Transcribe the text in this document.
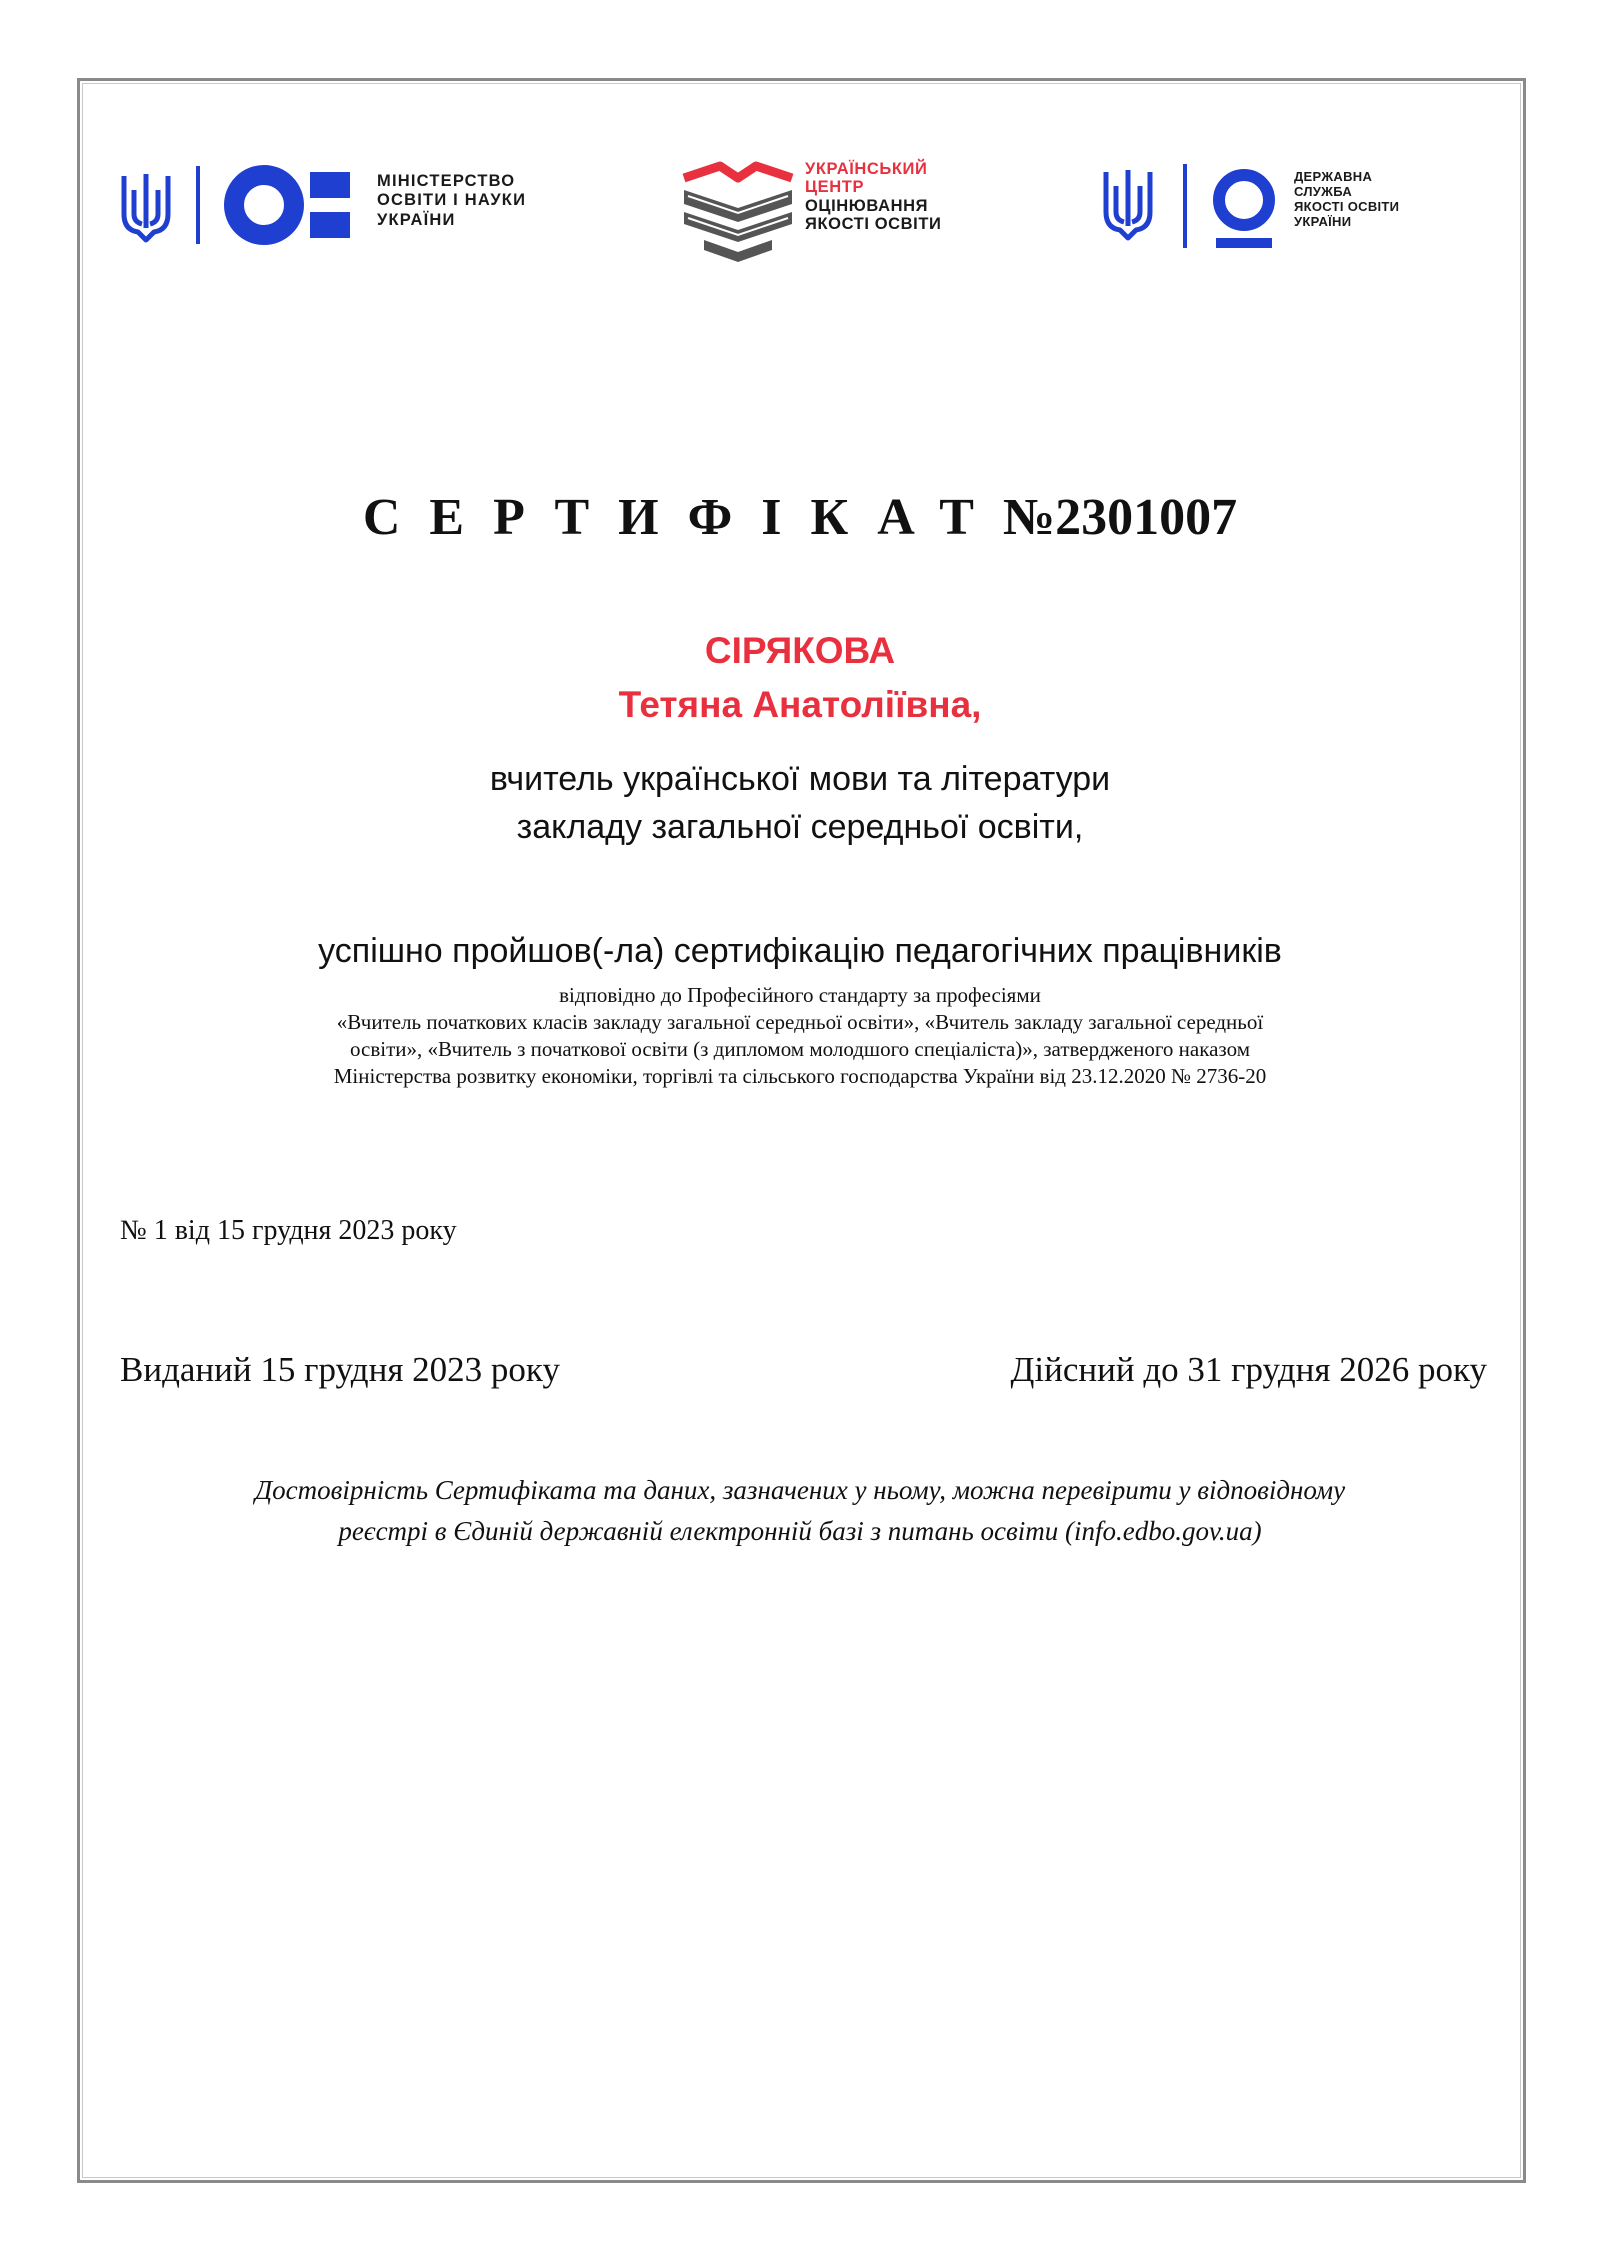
МІНІСТЕРСТВО
ОСВІТИ І НАУКИ
УКРАЇНИ
УКРАЇНСЬКИЙ
ЦЕНТР
ОЦІНЮВАННЯ
ЯКОСТІ ОСВІТИ
ДЕРЖАВНА
СЛУЖБА
ЯКОСТІ ОСВІТИ
УКРАЇНИ
СЕРТИФІКАТ№2301007
СІРЯКОВА
Тетяна Анатоліївна,
вчитель української мови та літератури
закладу загальної середньої освіти,
успішно пройшов(-ла) сертифікацію педагогічних працівників
відповідно до Професійного стандарту за професіями
«Вчитель початкових класів закладу загальної середньої освіти», «Вчитель закладу загальної середньої
освіти», «Вчитель з початкової освіти (з дипломом молодшого спеціаліста)», затвердженого наказом
Міністерства розвитку економіки, торгівлі та сільського господарства України від 23.12.2020 № 2736-20
№ 1 від 15 грудня 2023 року
Виданий 15 грудня 2023 року	Дійсний до 31 грудня 2026 року
Достовірність Сертифіката та даних, зазначених у ньому, можна перевірити у відповідному
реєстрі в Єдиній державній електронній базі з питань освіти (info.edbo.gov.ua)
